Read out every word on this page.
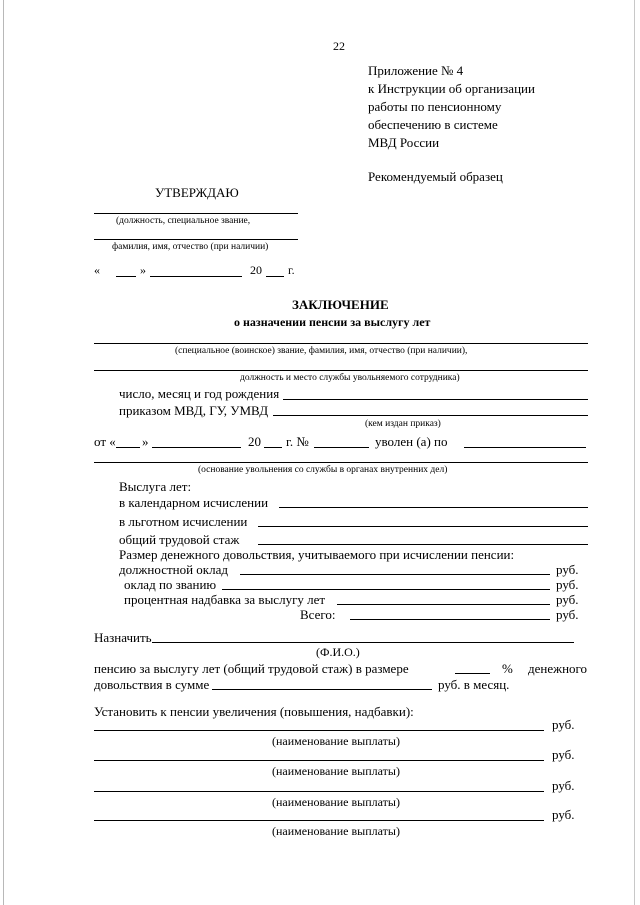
22
Приложение № 4
к Инструкции об организации
работы по пенсионному
обеспечению в системе
МВД России
Рекомендуемый образец
УТВЕРЖДАЮ
(должность, специальное звание,
фамилия, имя, отчество (при наличии)
«	»	20 г.
ЗАКЛЮЧЕНИЕ
о назначении пенсии за выслугу лет
(специальное (воинское) звание, фамилия, имя, отчество (при наличии),
должность и место службы увольняемого сотрудника)
число, месяц и год рождения
приказом МВД, ГУ, УМВД
(кем издан приказ)
от « »	20 г. №	уволен (а) по
(основание увольнения со службы в органах внутренних дел)
Выслуга лет:
в календарном исчислении
в льготном исчислении
общий трудовой стаж
Размер денежного довольствия, учитываемого при исчислении пенсии:
должностной оклад	руб.
оклад по званию	руб.
процентная надбавка за выслугу лет	руб.
Всего:	руб.
Назначить
(Ф.И.О.)
пенсию за выслугу лет (общий трудовой стаж) в размере	% денежного
довольствия в сумме	руб. в месяц.
Установить к пенсии увеличения (повышения, надбавки):
руб.
(наименование выплаты)
руб.
(наименование выплаты)
руб.
(наименование выплаты)
руб.
(наименование выплаты)
